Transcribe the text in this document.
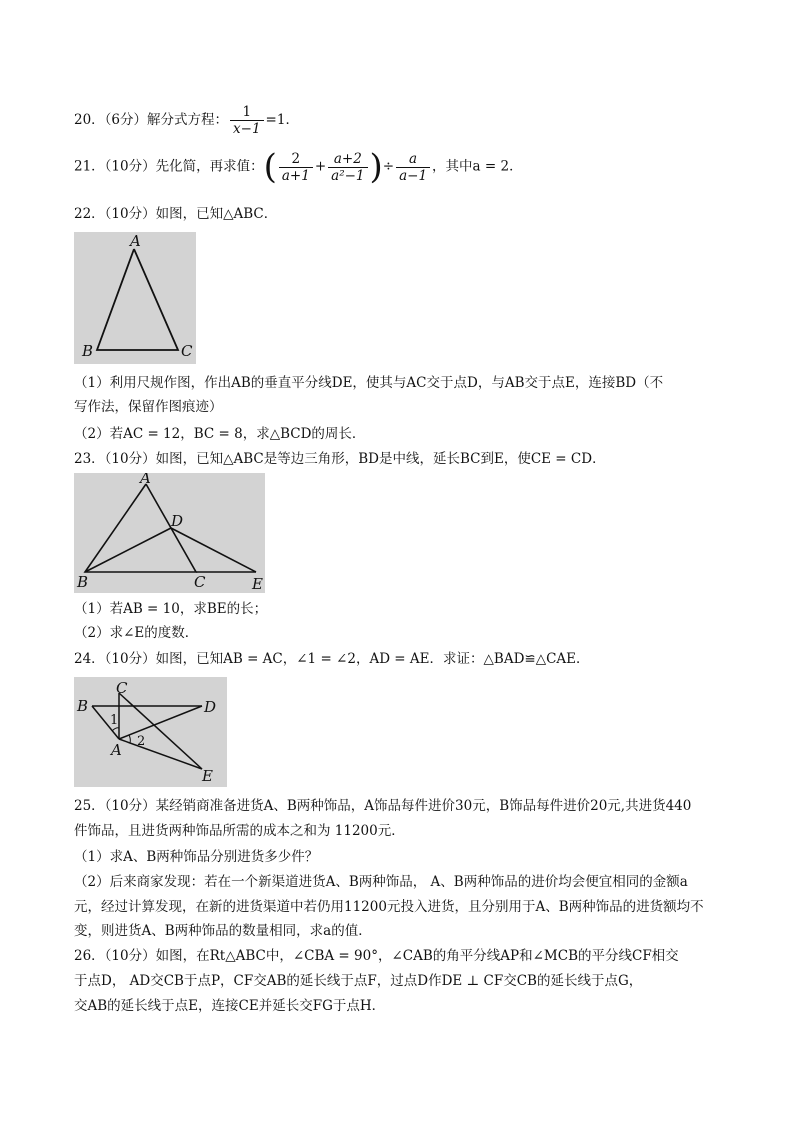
20．（6分）解分式方程： $\frac{1}{x-1} =1$．
21．（10分）先化简，再求值：( $\frac{2}{a+1} + \frac{a+2}{\text{a²−1}}$ )÷ $\frac{a}{a-1}$ ，其中a = 2．
22．（10分）如图，已知△ABC．
A
B	C
（1）利用尺规作图，作出AB的垂直平分线DE，使其与AC交于点D，与AB交于点E，连接BD（不
写作法，保留作图痕迹）
（2）若AC = 12，BC = 8，求△BCD的周长．
23．（10分）如图，已知△ABC是等边三角形，BD是中线，延长BC到E，使CE = CD．
A
B	C
D
E
（1）若AB = 10，求BE的长；
（2）求∠E的度数．
24．（10分）如图，已知AB = AC，∠1 = ∠2，AD = AE．求证：△BAD≌△CAE．
C
B	D
A
E
1
2
25．（10分）某经销商准备进货A、B两种饰品，A饰品每件进价30元，B饰品每件进价20元,共进货440
件饰品，且进货两种饰品所需的成本之和为 11200元．
（1）求A、B两种饰品分别进货多少件？
（2）后来商家发现：若在一个新渠道进货A、B两种饰品， A、B两种饰品的进价均会便宜相同的金额a
元，经过计算发现，在新的进货渠道中若仍用11200元投入进货，且分别用于A、B两种饰品的进货额均不
变，则进货A、B两种饰品的数量相同，求a的值．
26．（10分）如图，在Rt△ABC中，∠CBA = 90°，∠CAB的角平分线AP和∠MCB的平分线CF相交
于点D， AD交CB于点P，CF交AB的延长线于点F，过点D作DE ⊥ CF交CB的延长线于点G，
交AB的延长线于点E，连接CE并延长交FG于点H．
